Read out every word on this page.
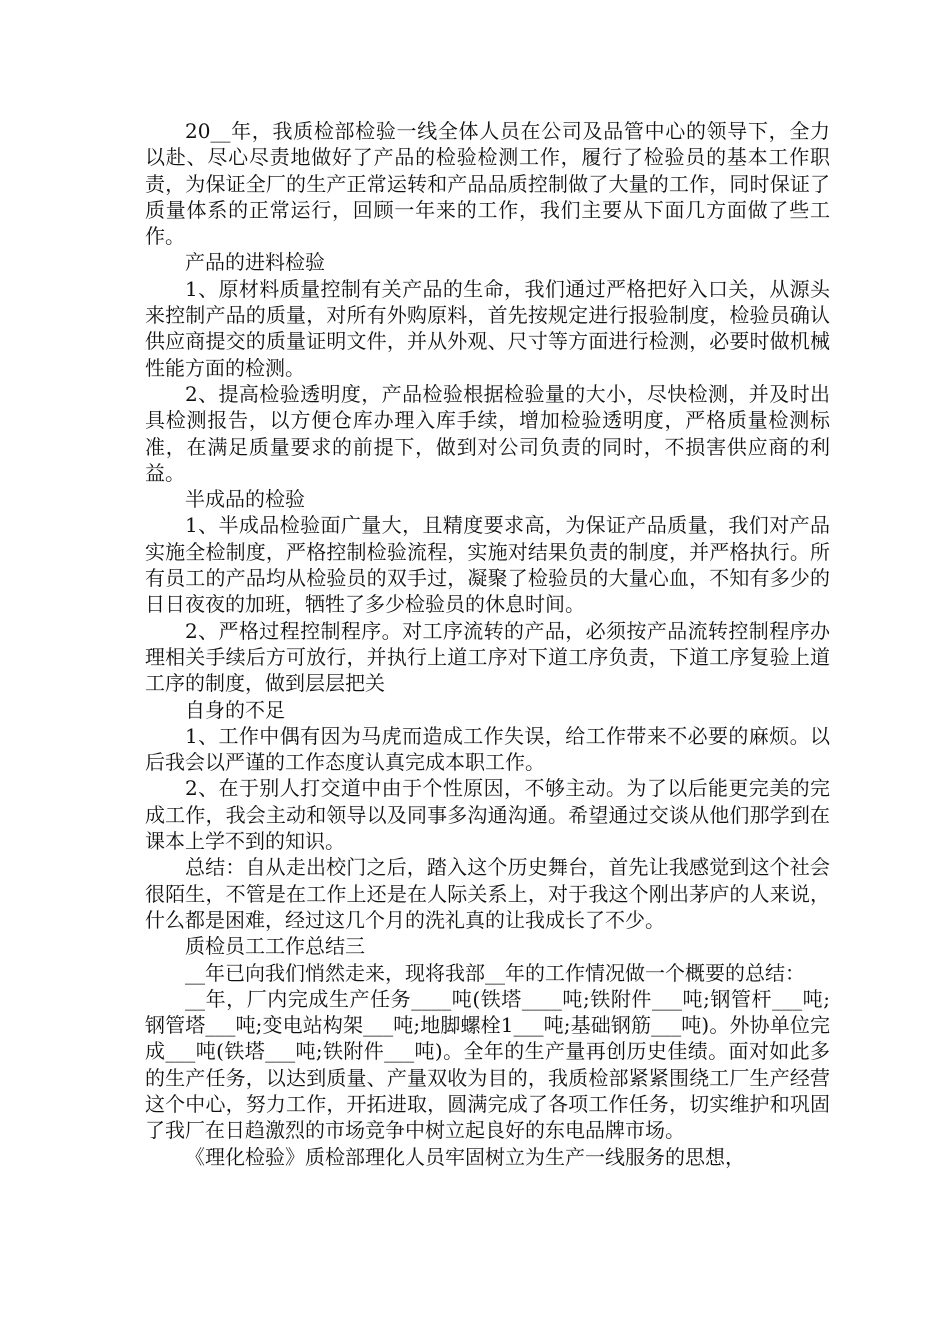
20__年，我质检部检验一线全体人员在公司及品管中心的领导下，全力以赴、尽心尽责地做好了产品的检验检测工作，履行了检验员的基本工作职责，为保证全厂的生产正常运转和产品品质控制做了大量的工作，同时保证了质量体系的正常运行，回顾一年来的工作，我们主要从下面几方面做了些工作。

产品的进料检验

1、原材料质量控制有关产品的生命，我们通过严格把好入口关，从源头来控制产品的质量，对所有外购原料，首先按规定进行报验制度，检验员确认供应商提交的质量证明文件，并从外观、尺寸等方面进行检测，必要时做机械性能方面的检测。

2、提高检验透明度，产品检验根据检验量的大小，尽快检测，并及时出具检测报告，以方便仓库办理入库手续，增加检验透明度，严格质量检测标准，在满足质量要求的前提下，做到对公司负责的同时，不损害供应商的利益。

半成品的检验

1、半成品检验面广量大，且精度要求高，为保证产品质量，我们对产品实施全检制度，严格控制检验流程，实施对结果负责的制度，并严格执行。所有员工的产品均从检验员的双手过，凝聚了检验员的大量心血，不知有多少的日日夜夜的加班，牺牲了多少检验员的休息时间。

2、严格过程控制程序。对工序流转的产品，必须按产品流转控制程序办理相关手续后方可放行，并执行上道工序对下道工序负责，下道工序复验上道工序的制度，做到层层把关

自身的不足

1、工作中偶有因为马虎而造成工作失误，给工作带来不必要的麻烦。以后我会以严谨的工作态度认真完成本职工作。

2、在于别人打交道中由于个性原因，不够主动。为了以后能更完美的完成工作，我会主动和领导以及同事多沟通沟通。希望通过交谈从他们那学到在课本上学不到的知识。

总结：自从走出校门之后，踏入这个历史舞台，首先让我感觉到这个社会很陌生，不管是在工作上还是在人际关系上，对于我这个刚出茅庐的人来说，什么都是困难，经过这几个月的洗礼真的让我成长了不少。

质检员工工作总结三

__年已向我们悄然走来，现将我部__年的工作情况做一个概要的总结：

__年，厂内完成生产任务____吨(铁塔____吨;铁附件___吨;钢管杆___吨;钢管塔___吨;变电站构架___吨;地脚螺栓1___吨;基础钢筋___吨)。外协单位完成___吨(铁塔___吨;铁附件___吨)。全年的生产量再创历史佳绩。面对如此多的生产任务，以达到质量、产量双收为目的，我质检部紧紧围绕工厂生产经营这个中心，努力工作，开拓进取，圆满完成了各项工作任务，切实维护和巩固了我厂在日趋激烈的市场竞争中树立起良好的东电品牌市场。

《理化检验》质检部理化人员牢固树立为生产一线服务的思想，
